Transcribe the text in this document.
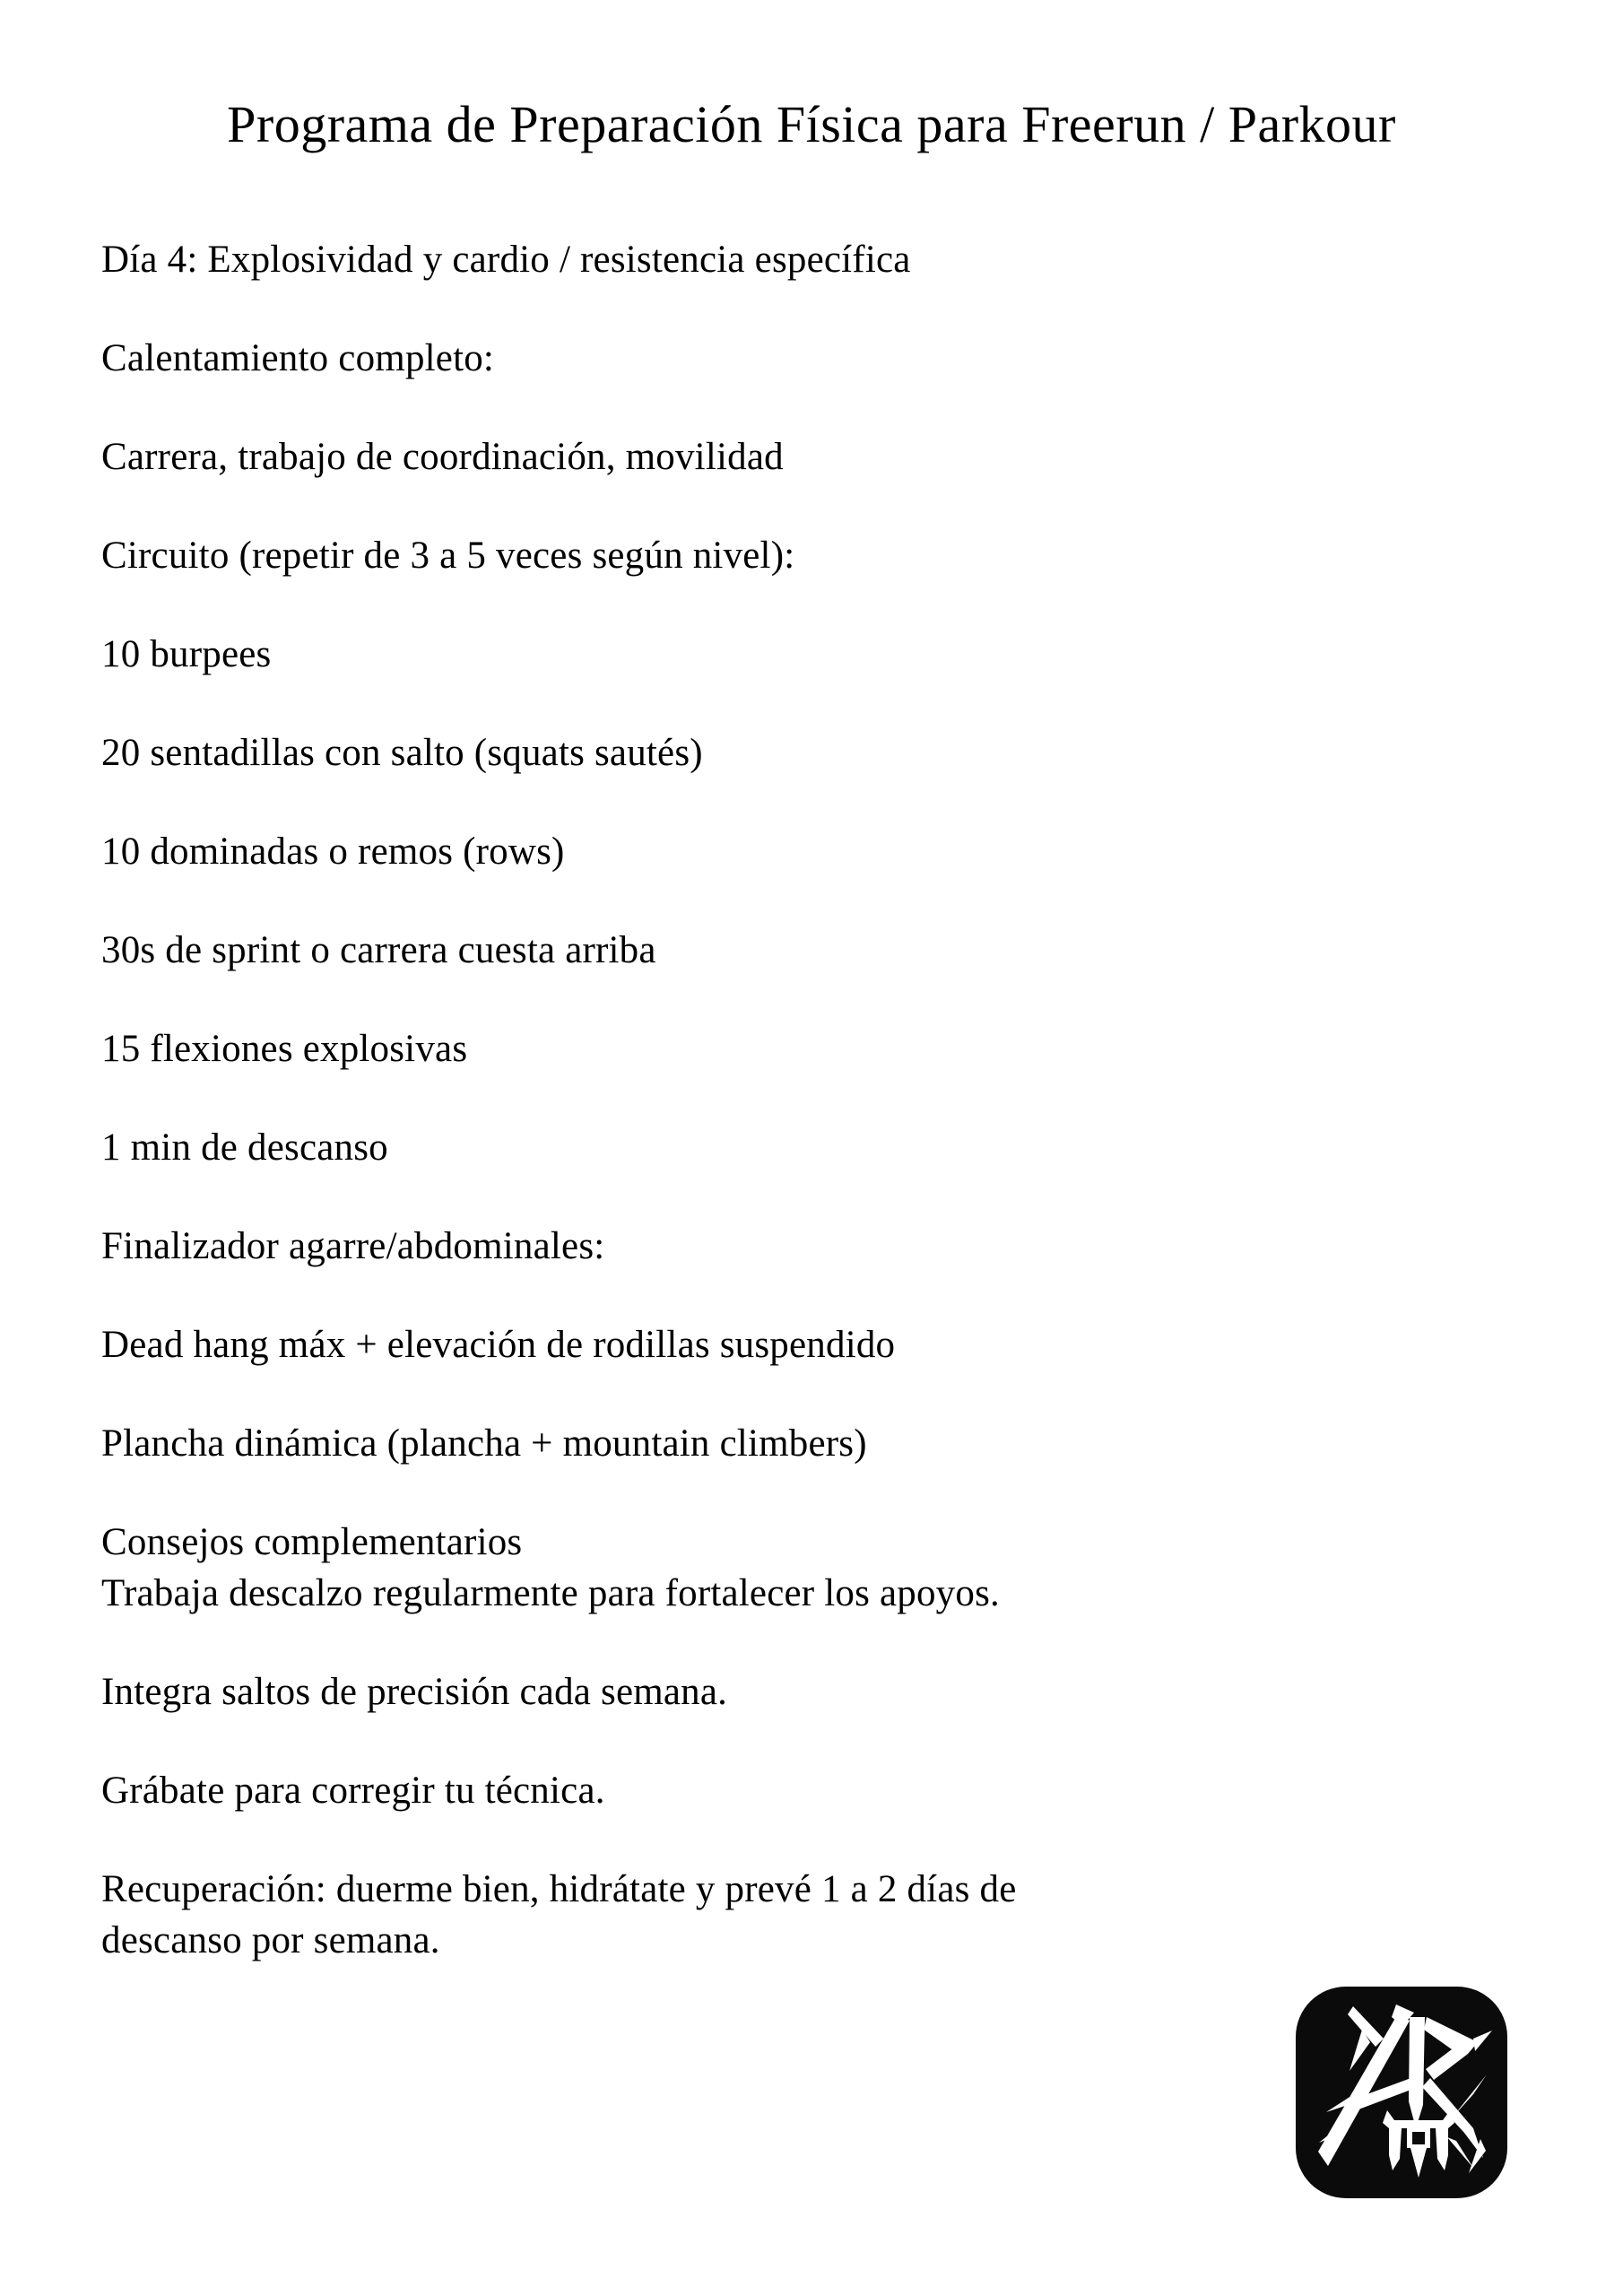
Programa de Preparación Física para Freerun / Parkour

Día 4: Explosividad y cardio / resistencia específica

Calentamiento completo:

Carrera, trabajo de coordinación, movilidad

Circuito (repetir de 3 a 5 veces según nivel):

10 burpees

20 sentadillas con salto (squats sautés)

10 dominadas o remos (rows)

30s de sprint o carrera cuesta arriba

15 flexiones explosivas

1 min de descanso

Finalizador agarre/abdominales:

Dead hang máx + elevación de rodillas suspendido

Plancha dinámica (plancha + mountain climbers)

Consejos complementarios

Trabaja descalzo regularmente para fortalecer los apoyos.

Integra saltos de precisión cada semana.

Grábate para corregir tu técnica.

Recuperación: duerme bien, hidrátate y prevé 1 a 2 días de

descanso por semana.
